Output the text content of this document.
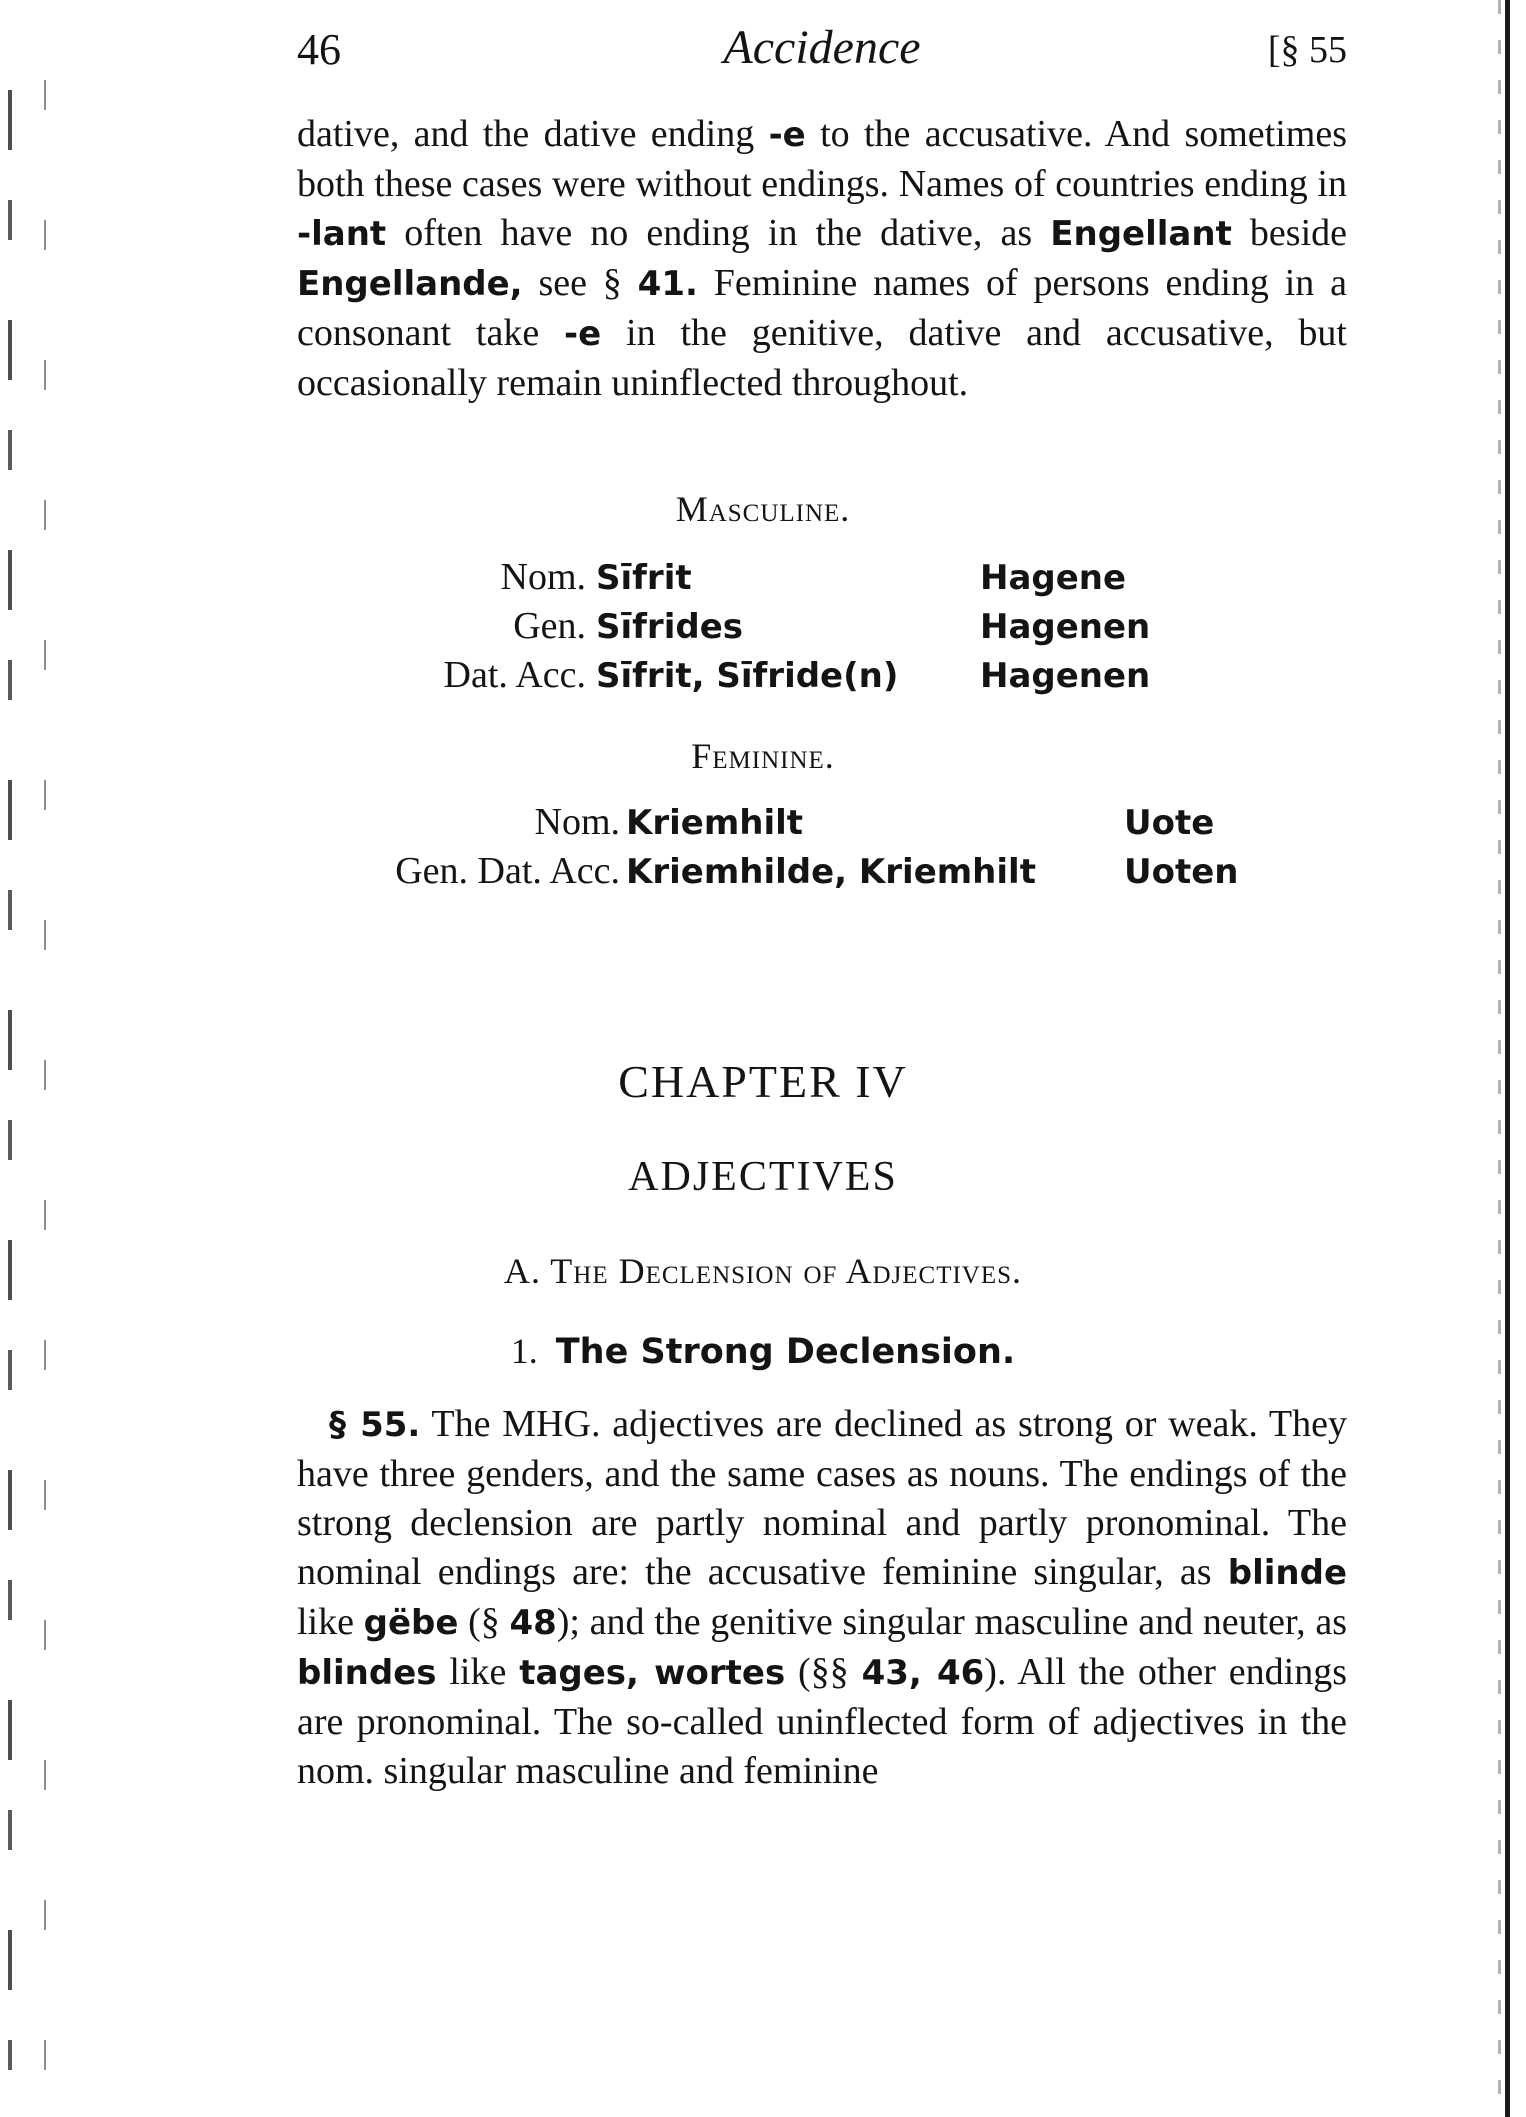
46	Accidence	[§ 55

dative, and the dative ending -e to the accusative. And sometimes both these cases were without endings. Names of countries ending in -lant often have no ending in the dative, as Engellant beside Engellande, see § 41. Feminine names of persons ending in a consonant take -e in the genitive, dative and accusative, but occasionally remain uninflected throughout.

Masculine.
Nom. Sīfrit	Hagene
Gen. Sīfrides	Hagenen
Dat. Acc. Sīfrit, Sīfride(n) Hagenen
Feminine.
Nom. Kriemhilt	Uote
Gen. Dat. Acc. Kriemhilde, Kriemhilt	Uoten
CHAPTER IV
ADJECTIVES
A. The Declension of Adjectives.
1. The Strong Declension.

§ 55. The MHG. adjectives are declined as strong or weak. They have three genders, and the same cases as nouns. The endings of the strong declension are partly nominal and partly pronominal. The nominal endings are: the accusative feminine singular, as blinde like gëbe (§ 48); and the genitive singular masculine and neuter, as blindes like tages, wortes (§§ 43, 46). All the other endings are pronominal. The so-called uninflected form of adjectives in the nom. singular masculine and feminine
